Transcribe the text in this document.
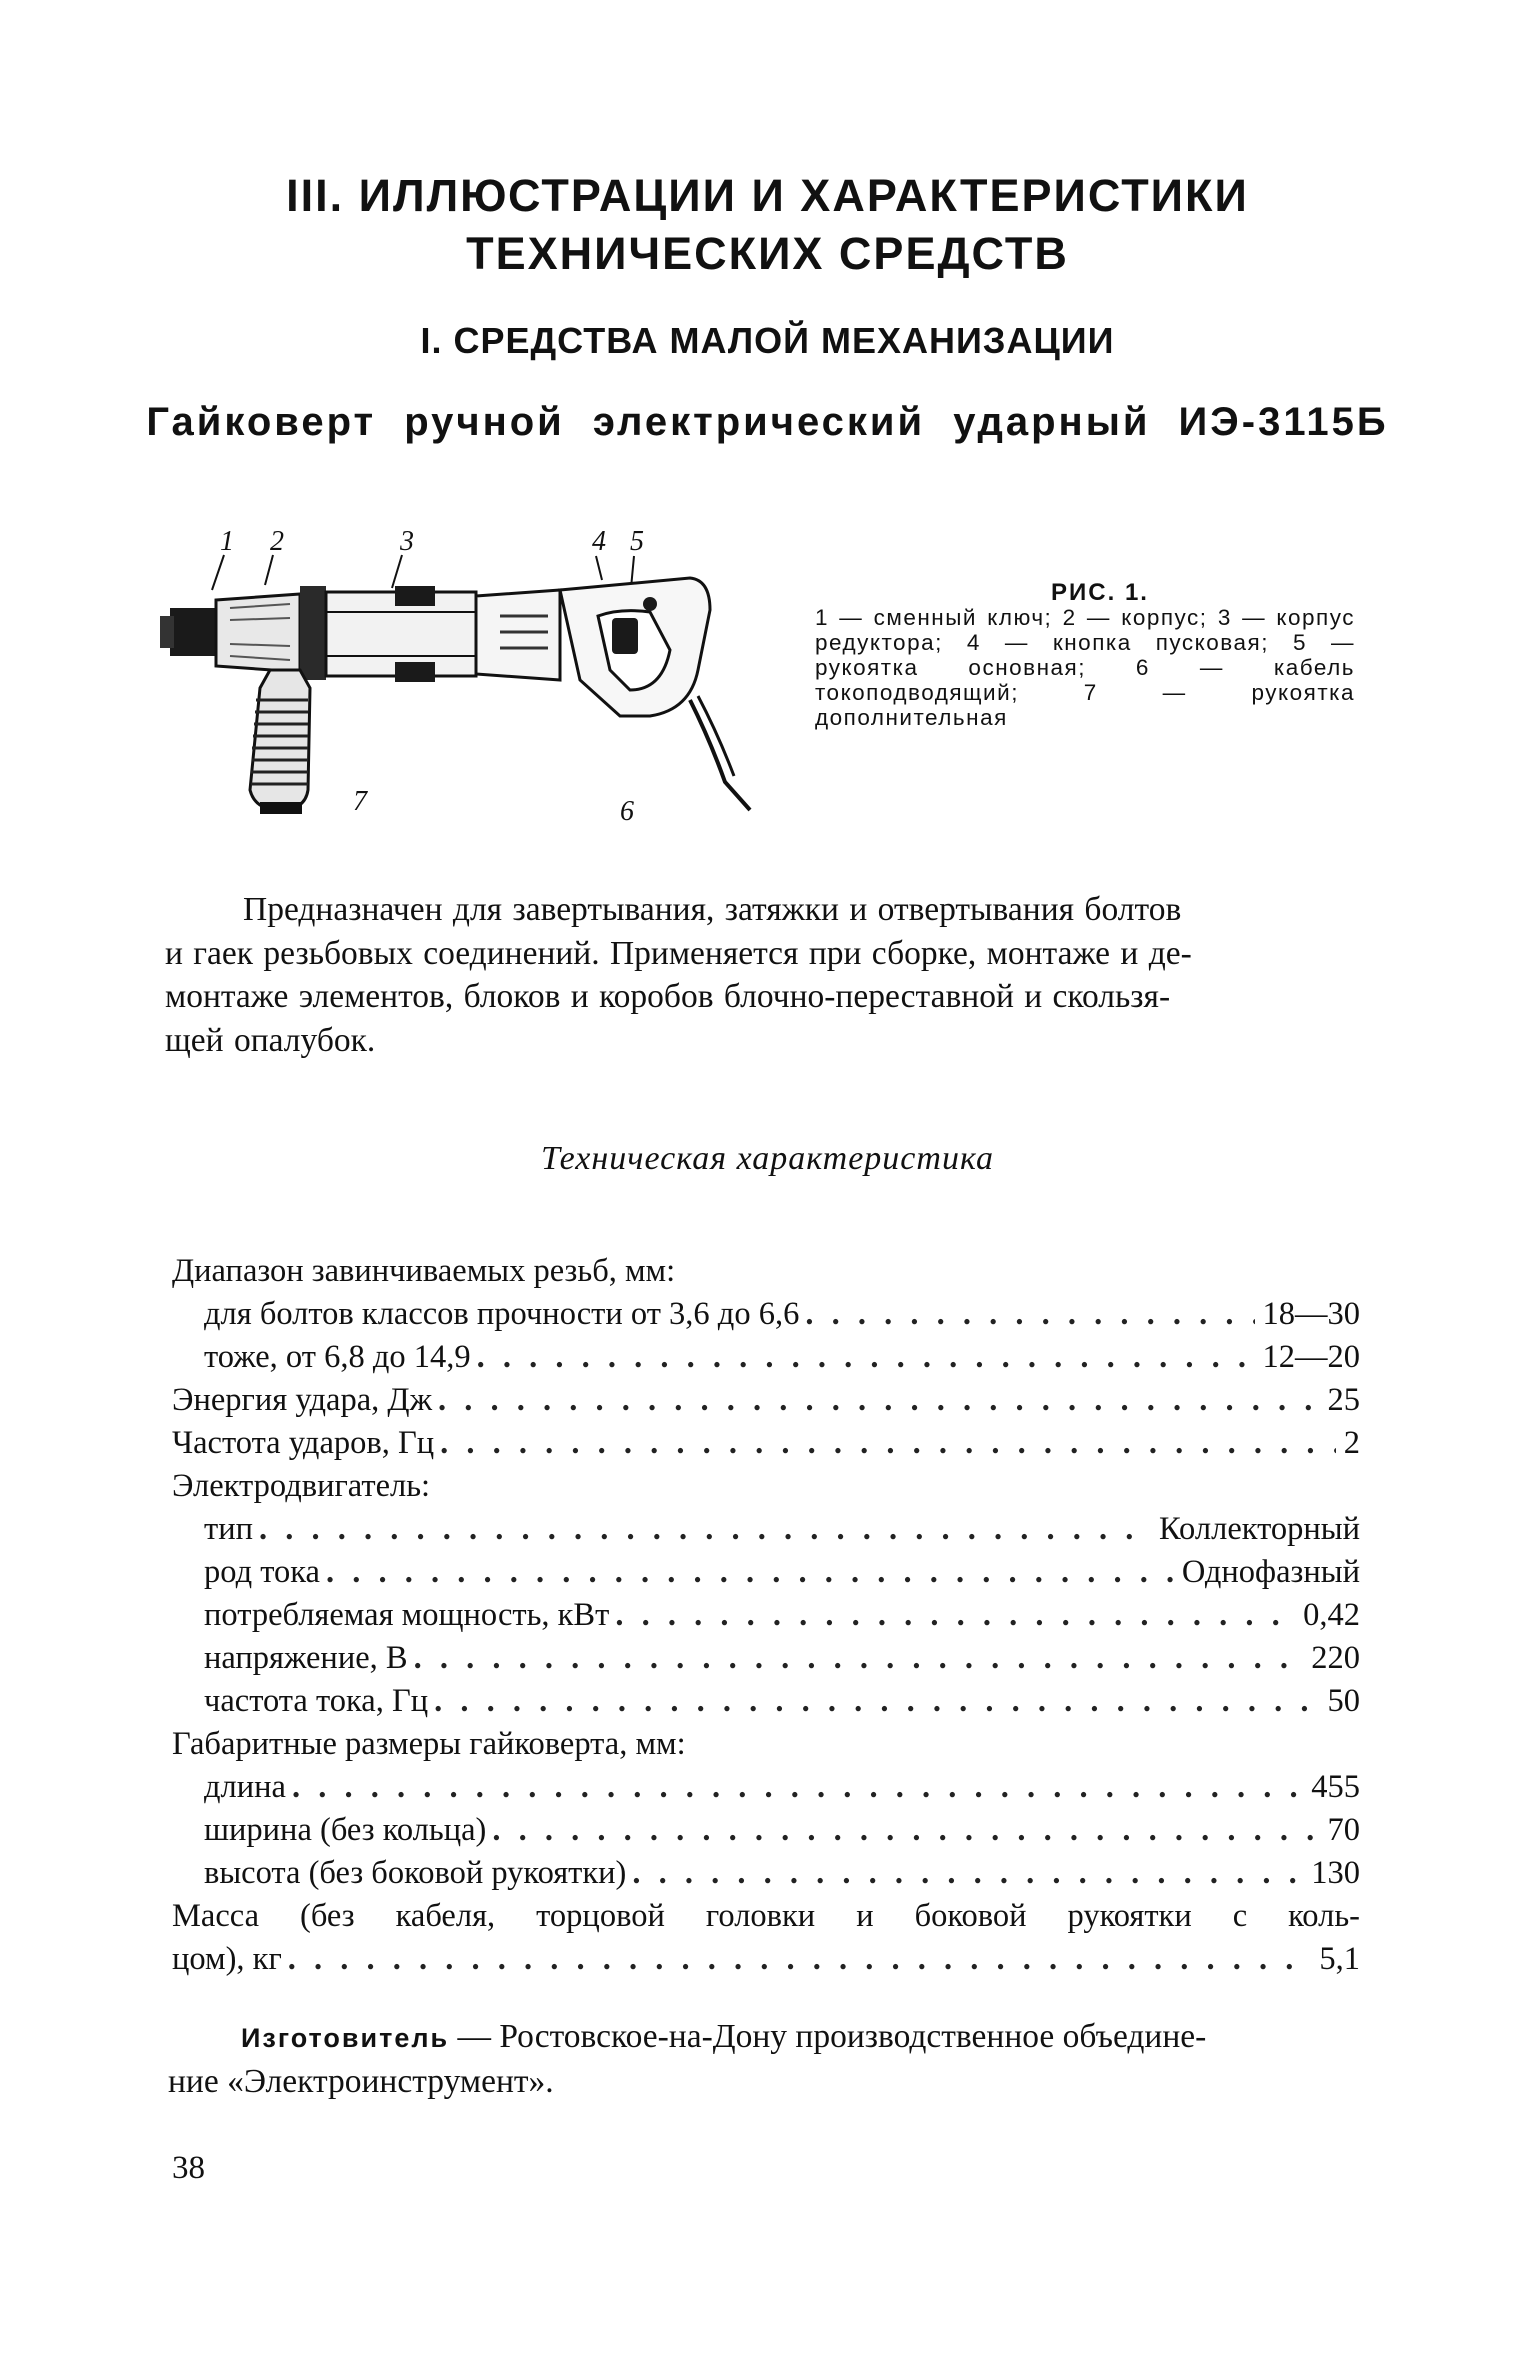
III. ИЛЛЮСТРАЦИИ И ХАРАКТЕРИСТИКИ
ТЕХНИЧЕСКИХ СРЕДСТВ
I. СРЕДСТВА МАЛОЙ МЕХАНИЗАЦИИ
Гайковерт ручной электрический ударный ИЭ-3115Б
1 2	3	4 5
6
7
РИС. 1.
1 — сменный ключ; 2 — корпус; 3 — корпус редуктора; 4 — кнопка пусковая; 5 — рукоятка основная; 6 — кабель токоподводящий; 7 — рукоятка дополнительная
Предназначен для завертывания, затяжки и отвертывания болтов
и гаек резьбовых соединений. Применяется при сборке, монтаже и де-
монтаже элементов, блоков и коробов блочно-переставной и скользя-
щей опалубок.
Техническая характеристика
Диапазон завинчиваемых резьб, мм:
для болтов классов прочности от 3,6 до 6,6 . . .	18—30
тоже, от 6,8 до 14,9 . . .	12—20
Энергия удара, Дж . . .	25
Частота ударов, Гц . . .	2
Электродвигатель:
тип . . .	Коллекторный
род тока . . .	Однофазный
потребляемая мощность, кВт . . .	0,42
напряжение, В . . .	220
частота тока, Гц . . .	50
Габаритные размеры гайковерта, мм:
длина . . .	455
ширина (без кольца) . . .	70
высота (без боковой рукоятки) . . .	130
Масса (без кабеля, торцовой головки и боковой рукоятки с коль-
цом), кг . . .	5,1
Изготовитель — Ростовское-на-Дону производственное объедине-
ние «Электроинструмент».
38
